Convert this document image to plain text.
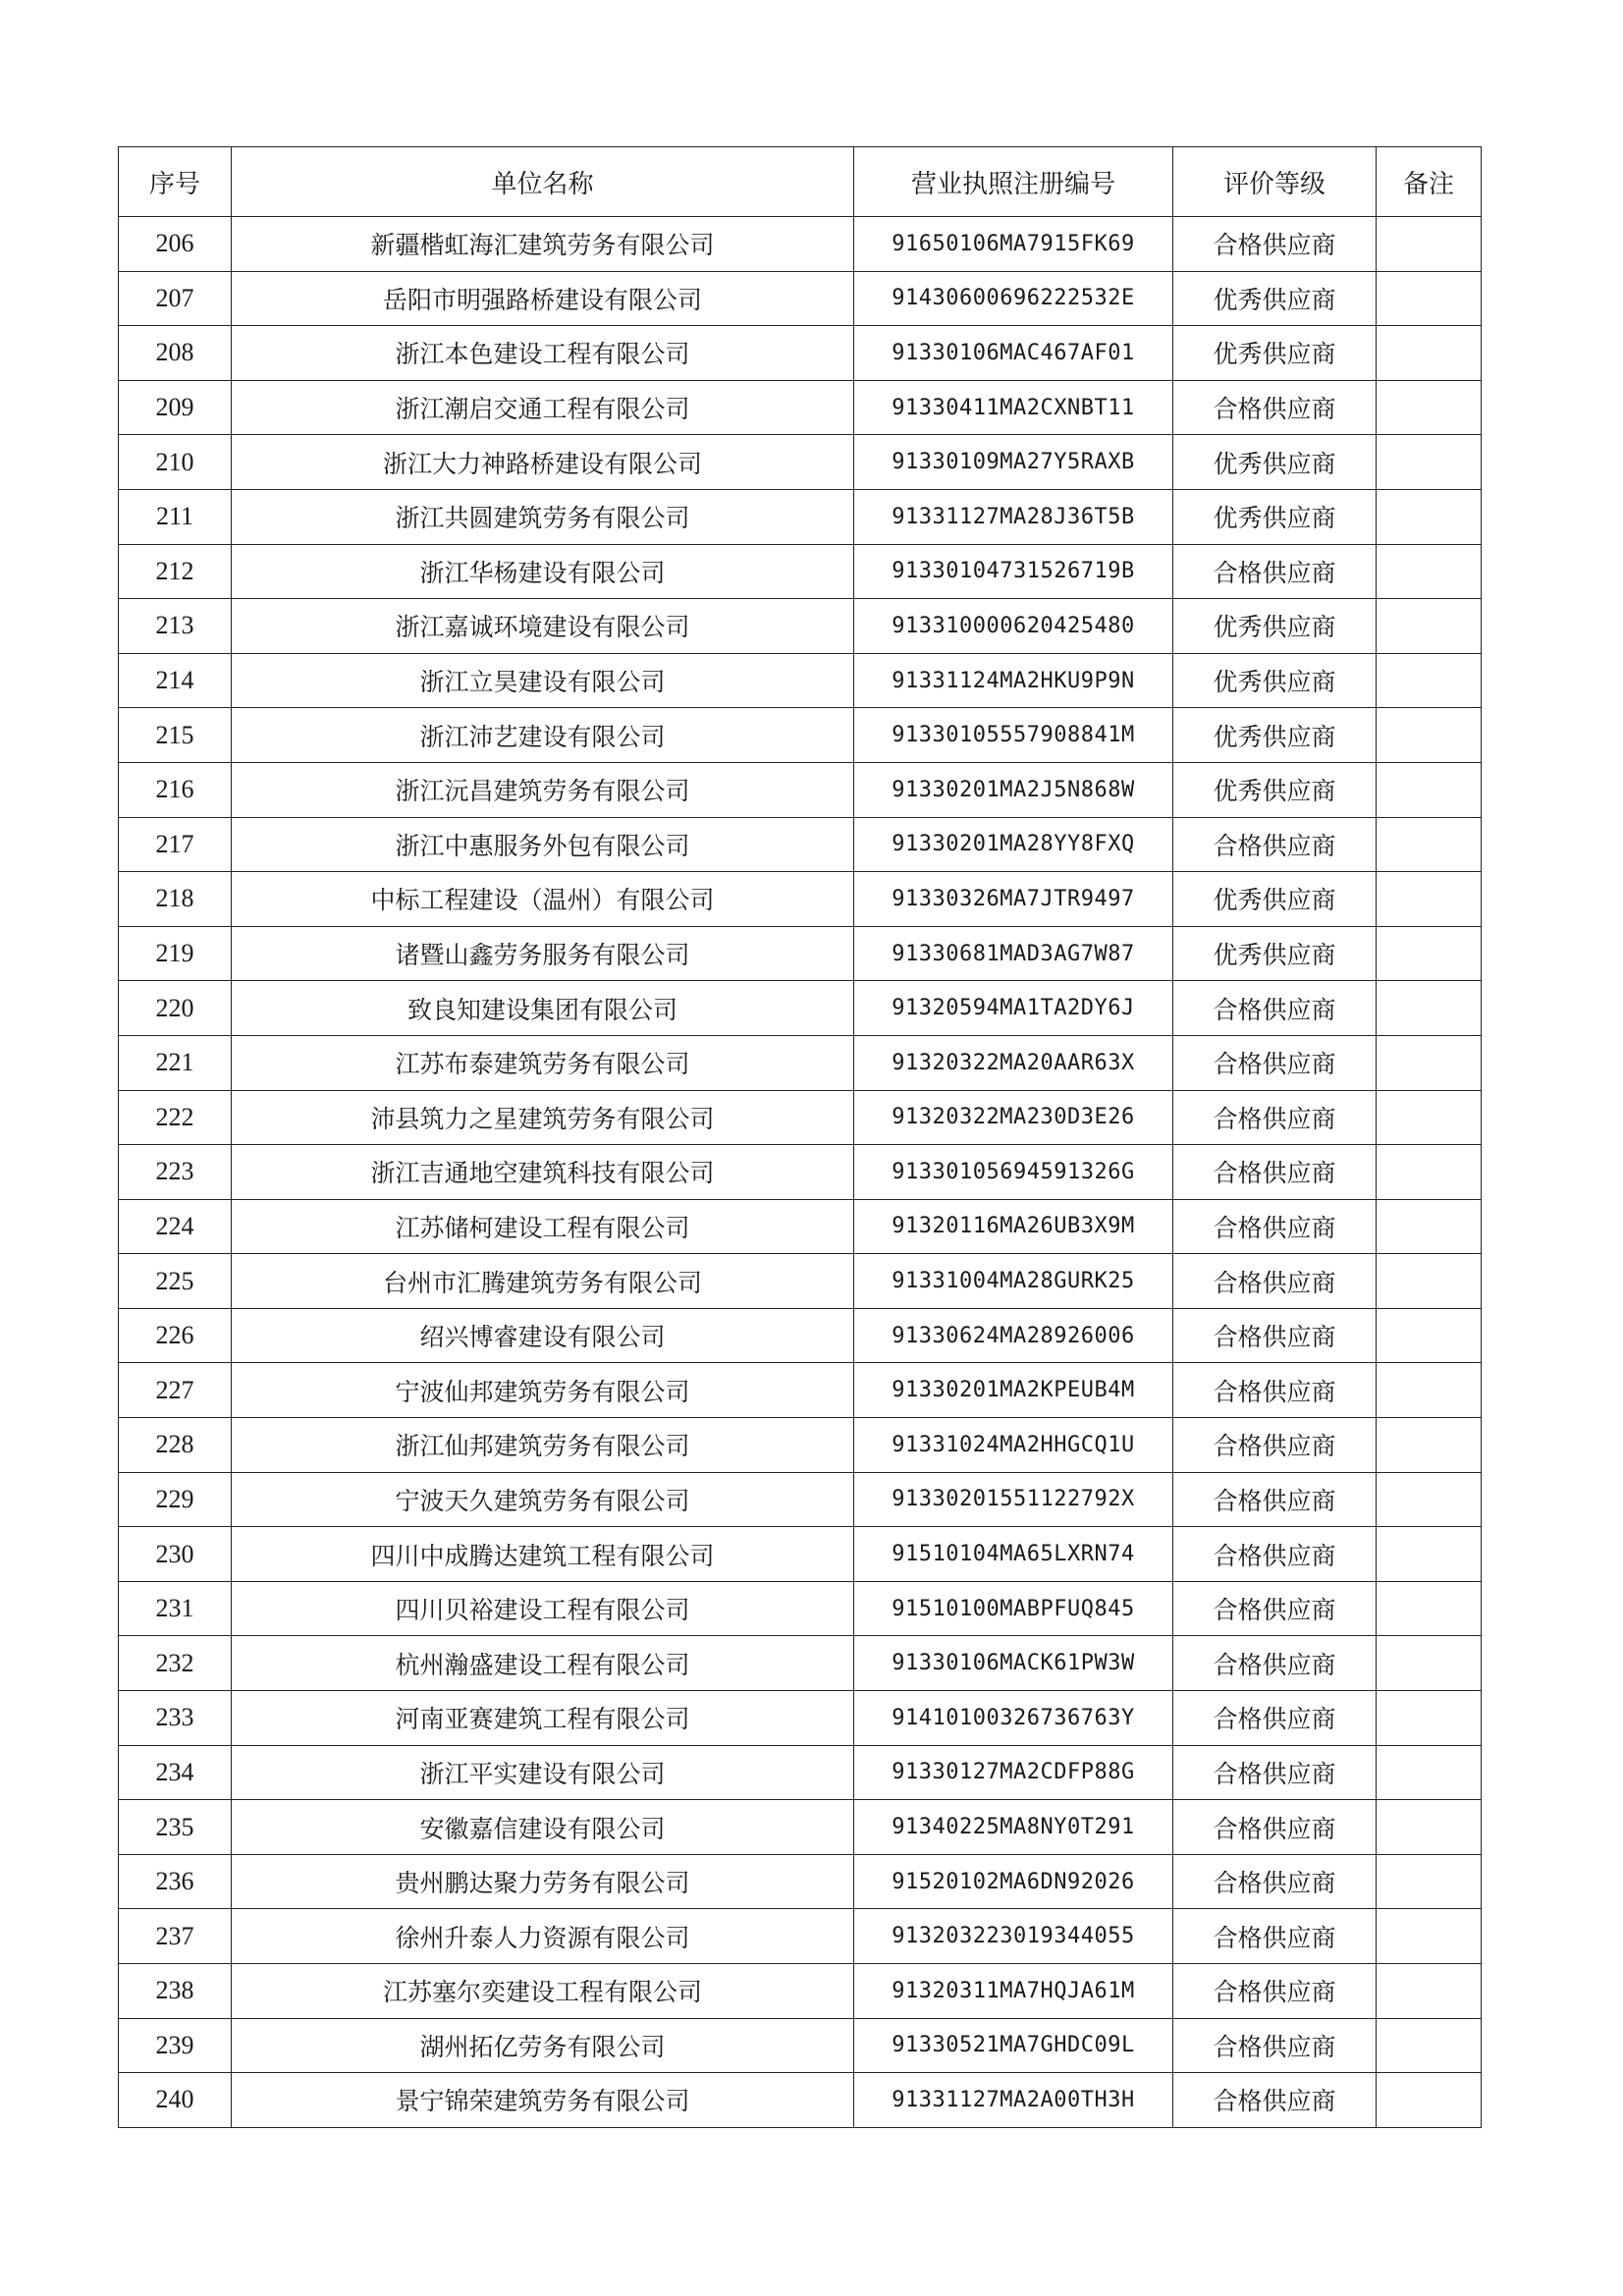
序号	单位名称	营业执照注册编号	评价等级	备注
206	新疆楷虹海汇建筑劳务有限公司	91650106MA7915FK69	合格供应商	
207	岳阳市明强路桥建设有限公司	91430600696222532E	优秀供应商	
208	浙江本色建设工程有限公司	91330106MAC467AF01	优秀供应商	
209	浙江潮启交通工程有限公司	91330411MA2CXNBT11	合格供应商	
210	浙江大力神路桥建设有限公司	91330109MA27Y5RAXB	优秀供应商	
211	浙江共圆建筑劳务有限公司	91331127MA28J36T5B	优秀供应商	
212	浙江华杨建设有限公司	9133010473152671​9B	合格供应商	
213	浙江嘉诚环境建设有限公司	913310000620425480	优秀供应商	
214	浙江立昊建设有限公司	91331124MA2HKU9P9N	优秀供应商	
215	浙江沛艺建设有限公司	91330105557908841M	优秀供应商	
216	浙江沅昌建筑劳务有限公司	91330201MA2J5N868W	优秀供应商	
217	浙江中惠服务外包有限公司	91330201MA28YY8FXQ	合格供应商	
218	中标工程建设（温州）有限公司	91330326MA7JTR9497	优秀供应商	
219	诸暨山鑫劳务服务有限公司	91330681MAD3AG7W87	优秀供应商	
220	致良知建设集团有限公司	91320594MA1TA2DY6J	合格供应商	
221	江苏布泰建筑劳务有限公司	91320322MA20AAR63X	合格供应商	
222	沛县筑力之星建筑劳务有限公司	91320322MA230D3E26	合格供应商	
223	浙江吉通地空建筑科技有限公司	91330105694591326G	合格供应商	
224	江苏储柯建设工程有限公司	91320116MA26UB3X9M	合格供应商	
225	台州市汇腾建筑劳务有限公司	91331004MA28GURK25	合格供应商	
226	绍兴博睿建设有限公司	91330624MA28926006	合格供应商	
227	宁波仙邦建筑劳务有限公司	91330201MA2KPEUB4M	合格供应商	
228	浙江仙邦建筑劳务有限公司	91331024MA2HHGCQ1U	合格供应商	
229	宁波天久建筑劳务有限公司	91330201551122792X	合格供应商	
230	四川中成腾达建筑工程有限公司	91510104MA65LXRN74	合格供应商	
231	四川贝裕建设工程有限公司	91510100MABPFUQ845	合格供应商	
232	杭州瀚盛建设工程有限公司	91330106MACK61PW3W	合格供应商	
233	河南亚赛建筑工程有限公司	91410100326736763Y	合格供应商	
234	浙江平实建设有限公司	91330127MA2CDFP88G	合格供应商	
235	安徽嘉信建设有限公司	91340225MA8NY0T291	合格供应商	
236	贵州鹏达聚力劳务有限公司	91520102MA6DN92026	合格供应商	
237	徐州升泰人力资源有限公司	913203223019344055	合格供应商	
238	江苏塞尔奕建设工程有限公司	91320311MA7HQJA61M	合格供应商	
239	湖州拓亿劳务有限公司	91330521MA7GHDC09L	合格供应商	
240	景宁锦荣建筑劳务有限公司	91331127MA2A00TH3H	合格供应商	
